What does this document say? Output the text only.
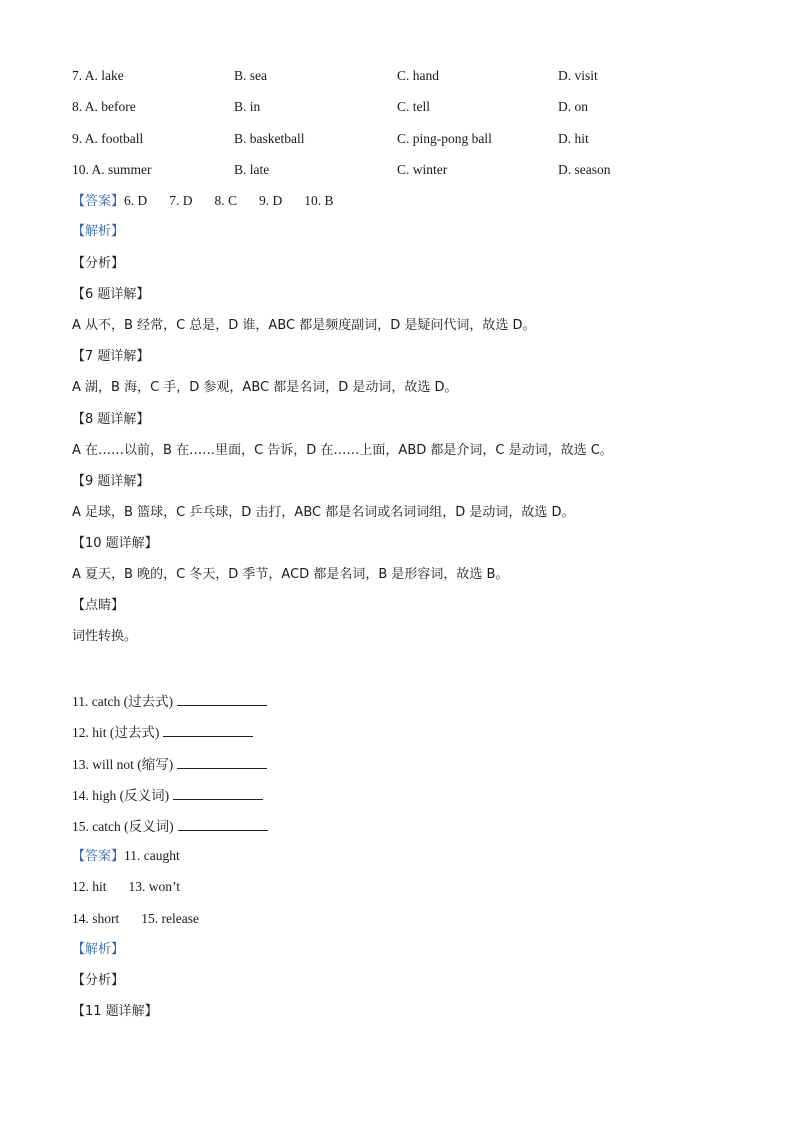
7. A. lake	B. sea	C. hand	D. visit
8. A. before	B. in	C. tell	D. on
9. A. football	B. basketball	C. ping-pong ball	D. hit
10. A. summer	B. late	C. winter	D. season
【答案】6. D 7. D 8. C 9. D 10. B
【解析】
【分析】
【6 题详解】
A 从不，B 经常，C 总是，D 谁，ABC 都是频度副词，D 是疑问代词，故选 D。
【7 题详解】
A 湖，B 海，C 手，D 参观，ABC 都是名词，D 是动词，故选 D。
【8 题详解】
A 在……以前，B 在……里面，C 告诉，D 在……上面，ABD 都是介词，C 是动词，故选 C。
【9 题详解】
A 足球，B 篮球，C 乒乓球，D 击打，ABC 都是名词或名词词组，D 是动词，故选 D。
【10 题详解】
A 夏天，B 晚的，C 冬天，D 季节，ACD 都是名词，B 是形容词，故选 B。
【点睛】
词性转换。
11. catch (过去式)
12. hit (过去式)
13. will not (缩写)
14. high (反义词)
15. catch (反义词)
【答案】11. caught
12. hit 13. won’t
14. short 15. release
【解析】
【分析】
【11 题详解】
